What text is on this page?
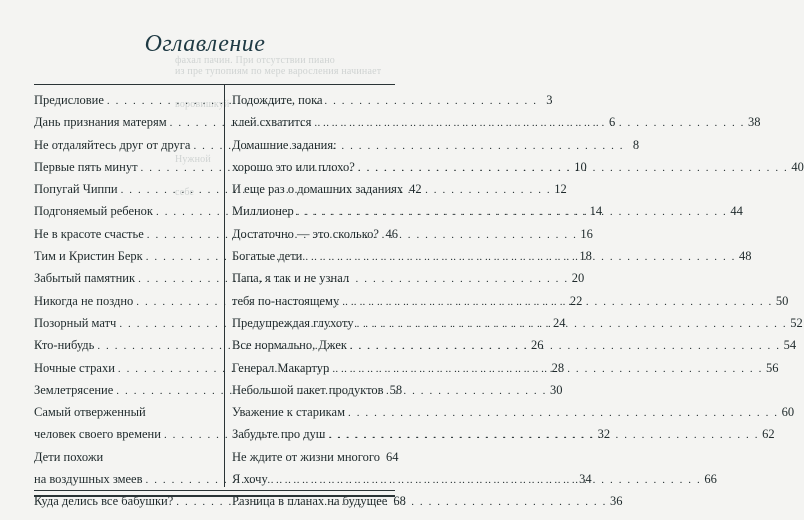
фахал пачин. При отсутствии пиано
из пре тупопиям по мере варосления начинает
воровишкуй
Нужной
себе
Оглавление
Предисловие . . .	3
Дань признания матерям . . .	6
Не отдаляйтесь друг от друга . . .	8
Первые пять минут . . .	10
Попугай Чиппи . . .	12
Подгоняемый ребенок . . .	14
Не в красоте счастье . . .	16
Тим и Кристин Берк . . .	18
Забытый памятник . . .	20
Никогда не поздно . . .	22
Позорный матч . . .	24
Кто-нибудь . . .	26
Ночные страхи . . .	28
Землетрясение . . .	30
Самый отверженный
человек своего времени . . .	32
Дети похожи
на воздушных змеев . . .	34
Куда делись все бабушки? . . .	36
Подождите, пока
клей схватится . . .	38
Домашние задания:
хорошо это или плохо? . . .	40
И еще раз о домашних заданиях 42
Миллионер . . .	44
Достаточно — это сколько? . . . 46
Богатые дети . . .	48
Папа, я так и не узнал
тебя по-настоящему . . .	50
Предупреждая глухоту . . .	52
Все нормально, Джек . . .	54
Генерал Макартур . . .	56
Небольшой пакет продуктов 58
Уважение к старикам . . .	60
Забудьте про душ . . .	62
Не ждите от жизни многого 64
Я хочу . . .	66
Разница в планах на будущее 68
